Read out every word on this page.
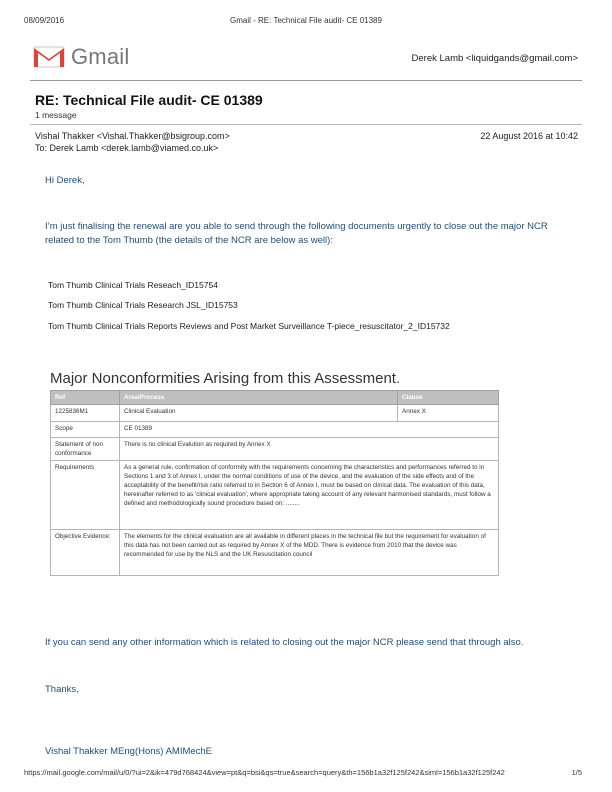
08/09/2016	Gmail - RE: Technical File audit- CE 01389
Gmail	Derek Lamb <liquidgands@gmail.com>
RE: Technical File audit- CE 01389
1 message
Vishal Thakker <Vishal.Thakker@bsigroup.com>
To: Derek Lamb <derek.lamb@viamed.co.uk>
22 August 2016 at 10:42
Hi Derek,
I’m just finalising the renewal are you able to send through the following documents urgently to close out the major NCR related to the Tom Thumb (the details of the NCR are below as well):
Tom Thumb Clinical Trials Reseach_ID15754
Tom Thumb Clinical Trials Research JSL_ID15753
Tom Thumb Clinical Trials Reports Reviews and Post Market Surveillance T-piece_resuscitator_2_ID15732
Major Nonconformities Arising from this Assessment.
Ref	Area/Process	Clause
1225836M1	Clinical Evaluation	Annex X
Scope	CE 01389	
Statement of non conformance	There is no clinical Evalution as required by Annex X	
Requirements	As a general rule, confirmation of conformity with the requirements concerning the characteristics and performances referred to in Sections 1 and 3 of Annex I, under the normal conditions of use of the device, and the evaluation of the side effects and of the acceptability of the benefit/risk ratio referred to in Section 6 of Annex I, must be based on clinical data. The evaluation of this data, hereinafter referred to as 'clinical evaluation', where appropriate taking account of any relevant harmonised standards, must follow a defined and methodologically sound procedure based on: ........	
Objective Evidence:	The elements for the clinical evaluation are all available in different places in the technical file but the requirement for evaluation of this data has not been carried out as required by Annex X of the MDD. There is evidence from 2010 that the device was recommended for use by the NLS and the UK Resuscitation council	
If you can send any other information which is related to closing out the major NCR please send that through also.
Thanks,
Vishal Thakker MEng(Hons) AMIMechE
https://mail.google.com/mail/u/0/?ui=2&ik=479d768424&view=pt&q=bsi&qs=true&search=query&th=156b1a32f125f242&siml=156b1a32f125f242	1/5
